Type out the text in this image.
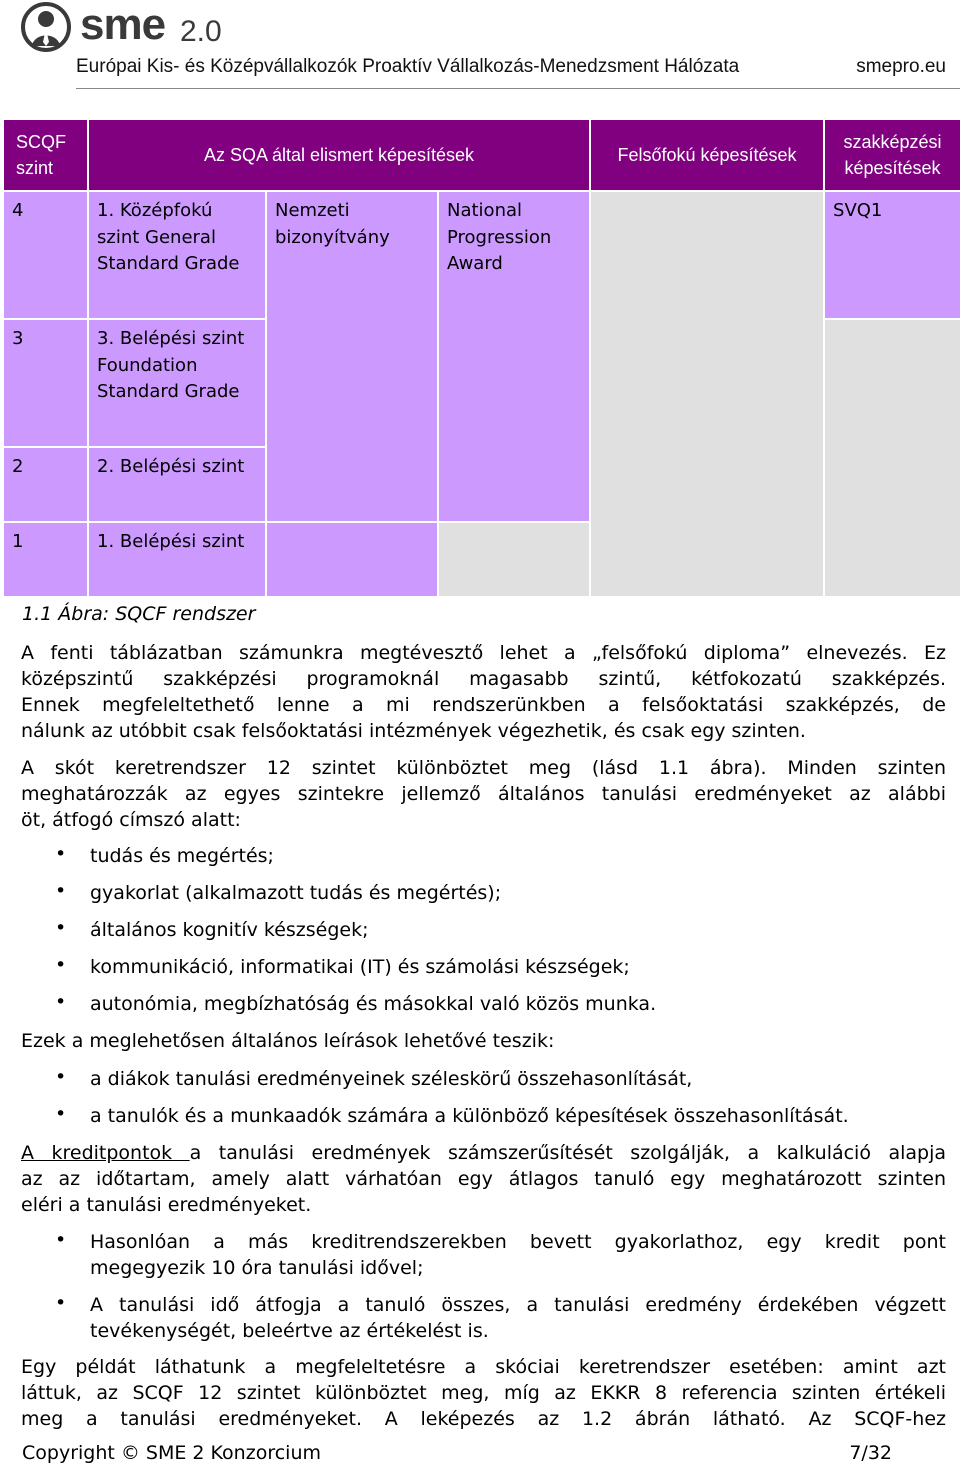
sme 2.0
Európai Kis- és Középvállalkozók Proaktív Vállalkozás-Menedzsment Hálózata	smepro.eu
SCQF szint	Az SQA által elismert képesítések			Felsőfokú képesítések	szakképzési képesítések

4	1. Középfokú szint General Standard Grade	Nemzeti bizonyítvány	National Progression Award		SVQ1

3	3. Belépési szint Foundation Standard Grade				

2	2. Belépési szint				

1	1. Belépési szint				

1.1 Ábra: SQCF rendszer
A fenti táblázatban számunkra megtévesztő lehet a „felsőfokú diploma” elnevezés. Ez
középszintű szakképzési programoknál magasabb szintű, kétfokozatú szakképzés.
Ennek megfeleltethető lenne a mi rendszerünkben a felsőoktatási szakképzés, de
nálunk az utóbbit csak felsőoktatási intézmények végezhetik, és csak egy szinten.
A skót keretrendszer 12 szintet különböztet meg (lásd 1.1 ábra). Minden szinten
meghatározzák az egyes szintekre jellemző általános tanulási eredményeket az alábbi
öt, átfogó címszó alatt:
• tudás és megértés;
• gyakorlat (alkalmazott tudás és megértés);
• általános kognitív készségek;
• kommunikáció, informatikai (IT) és számolási készségek;
• autonómia, megbízhatóság és másokkal való közös munka.
Ezek a meglehetősen általános leírások lehetővé teszik:
• a diákok tanulási eredményeinek széleskörű összehasonlítását,
• a tanulók és a munkaadók számára a különböző képesítések összehasonlítását.
A kreditpontok a tanulási eredmények számszerűsítését szolgálják, a kalkuláció alapja
az az időtartam, amely alatt várhatóan egy átlagos tanuló egy meghatározott szinten
eléri a tanulási eredményeket.
• Hasonlóan a más kreditrendszerekben bevett gyakorlathoz, egy kredit pont
megegyezik 10 óra tanulási idővel;
• A tanulási idő átfogja a tanuló összes, a tanulási eredmény érdekében végzett
tevékenységét, beleértve az értékelést is.
Egy példát láthatunk a megfeleltetésre a skóciai keretrendszer esetében: amint azt
láttuk, az SCQF 12 szintet különböztet meg, míg az EKKR 8 referencia szinten értékeli
meg a tanulási eredményeket. A leképezés az 1.2 ábrán látható. Az SCQF-hez
Copyright © SME 2 Konzorcium	7/32
